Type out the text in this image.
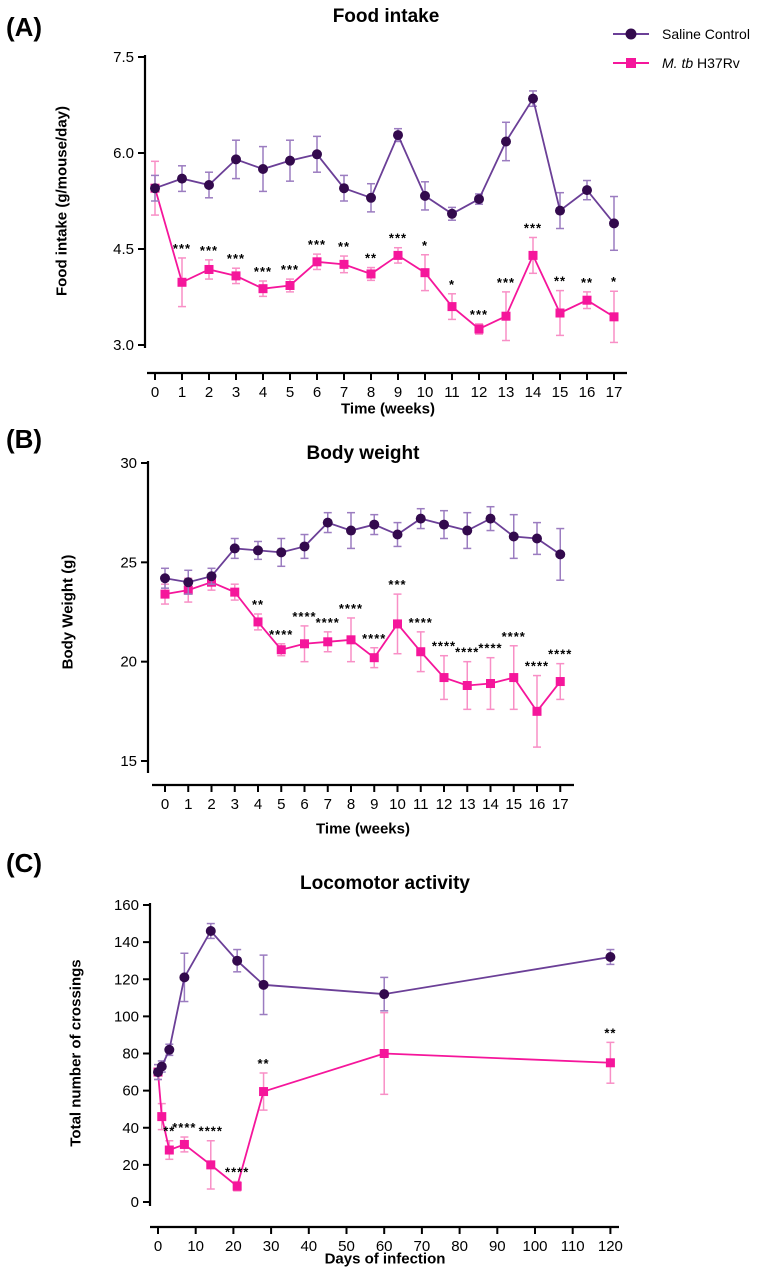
3.0
4.5
6.0
7.5
0 1 2 3 4 5 6 7 8 9 10 11 12 13 14 15 16 17
*** ***
***
*** ***
*** **
**
*** *
*
***
***
***
** ** *
15
20
25
30
0 1 2 3 4 5 6 7 8 9 10 11 12 13 14 15 16 17
**
****
**** ****
****
****
***
****
**** **** ****
****
****
****
0
20
40
60
80
100
120
140
160
0 10 20 30 40 50 60 70 80 90 100 110 120
**
**** ****
****
**
**
(A)	Food intake
Food intake (g/mouse/day)
Time (weeks)
Saline Control
M. tb H37Rv
(B)	Body weight
Body Weight (g)
Time (weeks)
(C)
Locomotor activity
Total number of crossings
Days of infection
